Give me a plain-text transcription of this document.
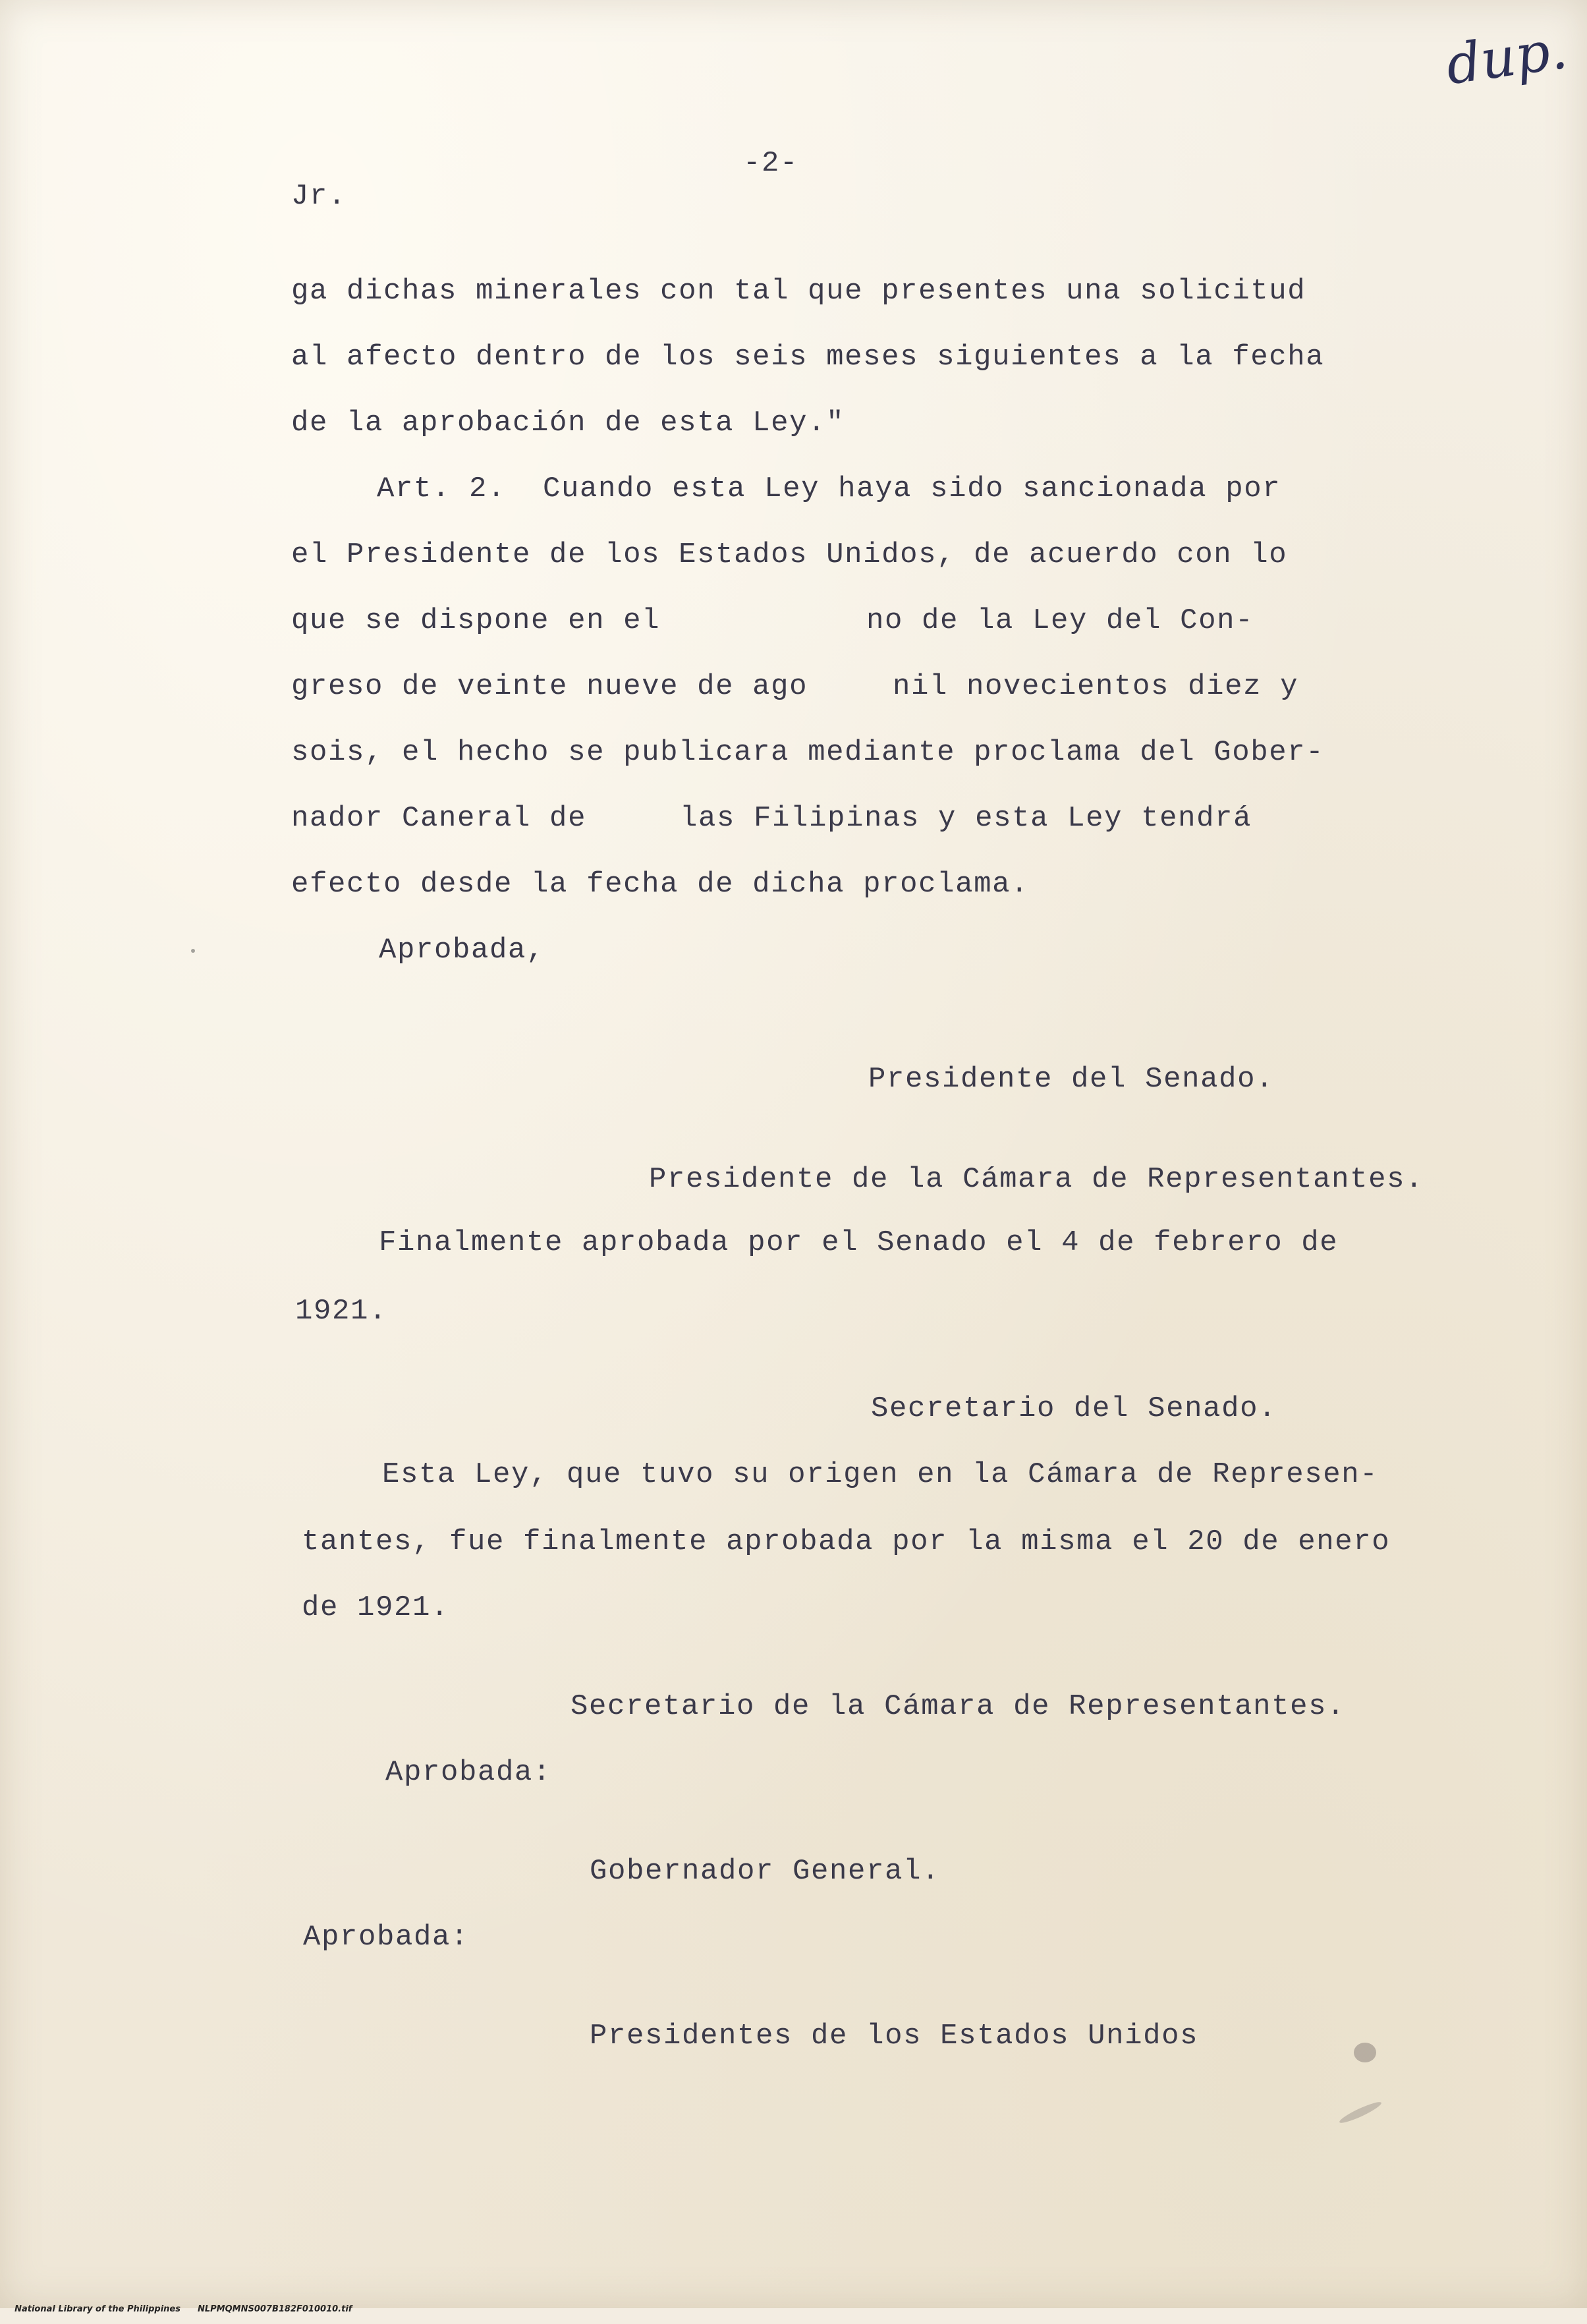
dup.
-2-
Jr.
ga dichas minerales con tal que presentes una solicitud
al afecto dentro de los seis meses siguientes a la fecha
de la aprobación de esta Ley."
Art. 2.  Cuando esta Ley haya sido sancionada por
el Presidente de los Estados Unidos, de acuerdo con lo
que se dispone en el	no de la Ley del Con-
greso de veinte nueve de ago	nil novecientos diez y
sois, el hecho se publicara mediante proclama del Gober-
nador Caneral de	las Filipinas y esta Ley tendrá
efecto desde la fecha de dicha proclama.
Aprobada,
Presidente del Senado.
Presidente de la Cámara de Representantes.
Finalmente aprobada por el Senado el 4 de febrero de
1921.
Secretario del Senado.
Esta Ley, que tuvo su origen en la Cámara de Represen-
tantes, fue finalmente aprobada por la misma el 20 de enero
de 1921.
Secretario de la Cámara de Representantes.
Aprobada:
Gobernador General.
Aprobada:
Presidentes de los Estados Unidos

National Library of the Philippines NLPMQMNS007B182F010010.tif
